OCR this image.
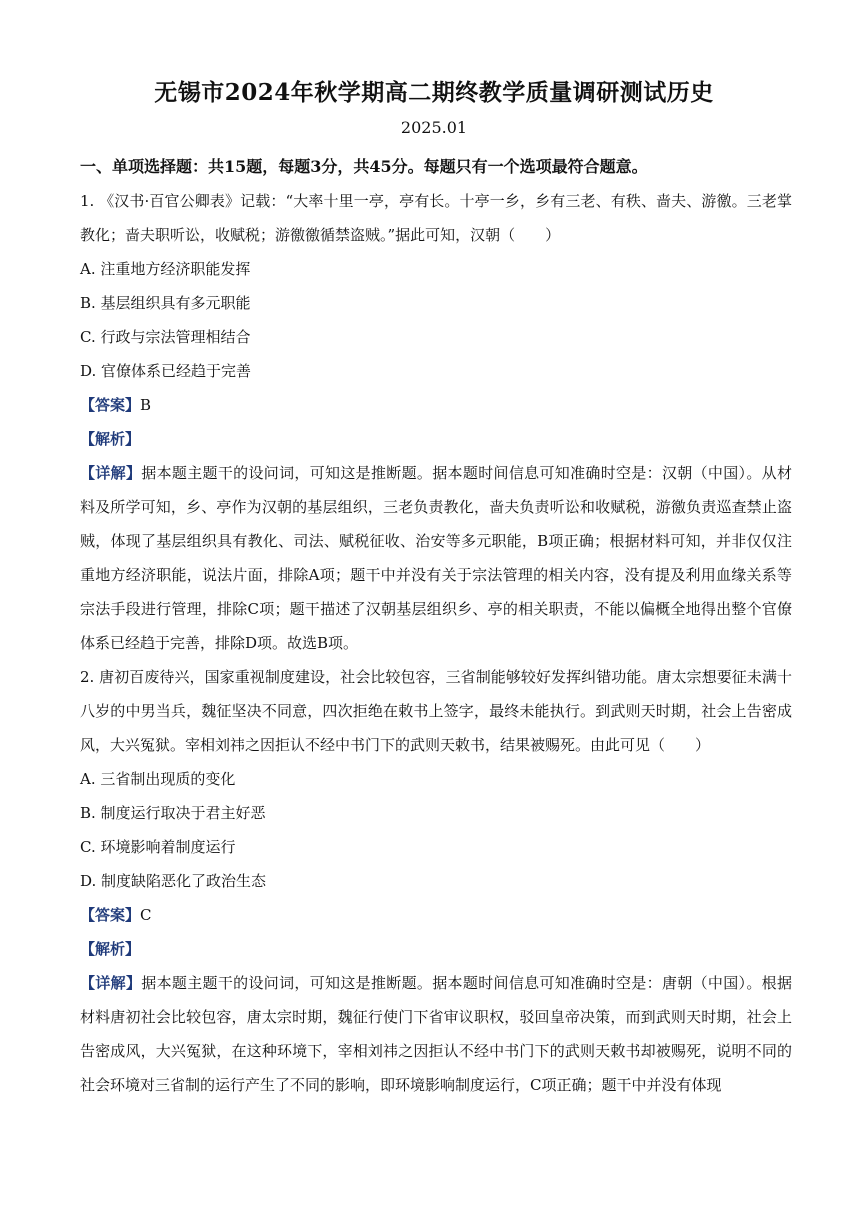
无锡市2024年秋学期高二期终教学质量调研测试历史
2025.01

一、单项选择题：共15题，每题3分，共45分。每题只有一个选项最符合题意。

1. 《汉书·百官公卿表》记载：“大率十里一亭，亭有长。十亭一乡，乡有三老、有秩、啬夫、游徼。三老掌教化；啬夫职听讼，收赋税；游徼徼循禁盗贼。”据此可知，汉朝（　　）

A. 注重地方经济职能发挥

B. 基层组织具有多元职能

C. 行政与宗法管理相结合

D. 官僚体系已经趋于完善

【答案】B

【解析】

【详解】据本题主题干的设问词，可知这是推断题。据本题时间信息可知准确时空是：汉朝（中国）。从材料及所学可知，乡、亭作为汉朝的基层组织，三老负责教化，啬夫负责听讼和收赋税，游徼负责巡查禁止盗贼，体现了基层组织具有教化、司法、赋税征收、治安等多元职能，B项正确；根据材料可知，并非仅仅注重地方经济职能，说法片面，排除A项；题干中并没有关于宗法管理的相关内容，没有提及利用血缘关系等宗法手段进行管理，排除C项；题干描述了汉朝基层组织乡、亭的相关职责，不能以偏概全地得出整个官僚体系已经趋于完善，排除D项。故选B项。

2. 唐初百废待兴，国家重视制度建设，社会比较包容，三省制能够较好发挥纠错功能。唐太宗想要征未满十八岁的中男当兵，魏征坚决不同意，四次拒绝在敕书上签字，最终未能执行。到武则天时期，社会上告密成风，大兴冤狱。宰相刘祎之因拒认不经中书门下的武则天敕书，结果被赐死。由此可见（　　）

A. 三省制出现质的变化

B. 制度运行取决于君主好恶

C. 环境影响着制度运行

D. 制度缺陷恶化了政治生态

【答案】C

【解析】

【详解】据本题主题干的设问词，可知这是推断题。据本题时间信息可知准确时空是：唐朝（中国）。根据材料唐初社会比较包容，唐太宗时期，魏征行使门下省审议职权，驳回皇帝决策，而到武则天时期，社会上告密成风，大兴冤狱，在这种环境下，宰相刘祎之因拒认不经中书门下的武则天敕书却被赐死，说明不同的社会环境对三省制的运行产生了不同的影响，即环境影响制度运行，C项正确；题干中并没有体现
